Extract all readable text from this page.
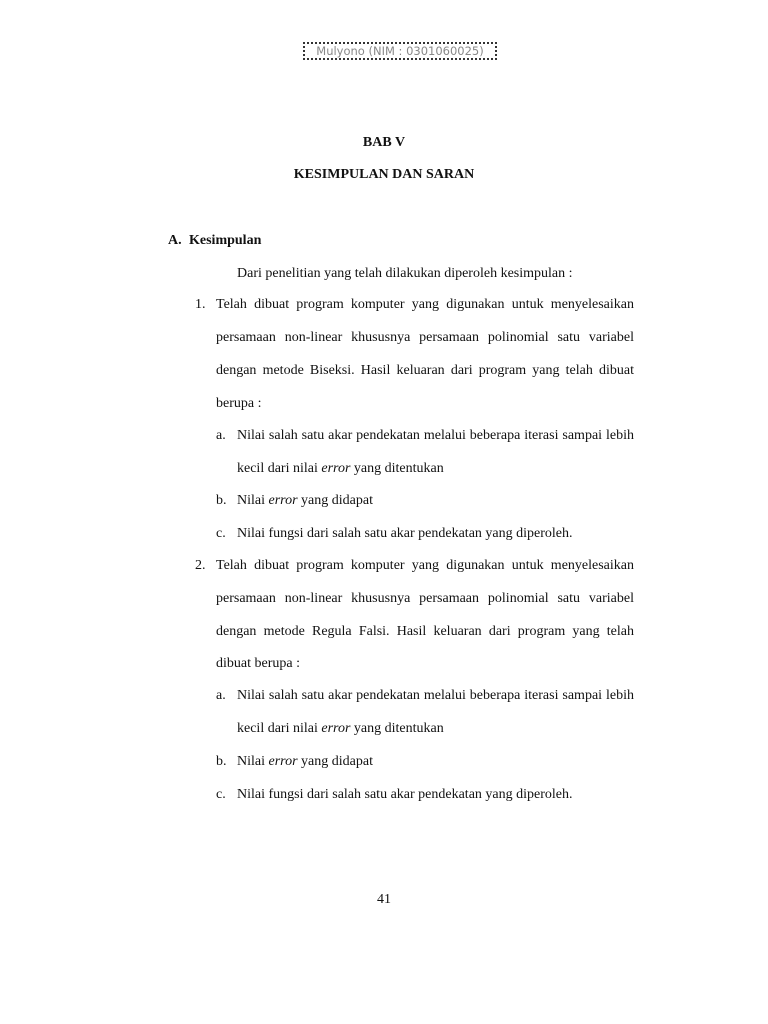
Mulyono (NIM : 0301060025)
BAB V
KESIMPULAN DAN SARAN
A. Kesimpulan
Dari penelitian yang telah dilakukan diperoleh kesimpulan :
1. Telah dibuat program komputer yang digunakan untuk menyelesaikan
persamaan non-linear khususnya persamaan polinomial satu variabel
dengan metode Biseksi. Hasil keluaran dari program yang telah dibuat
berupa :
a. Nilai salah satu akar pendekatan melalui beberapa iterasi sampai lebih
kecil dari nilai error yang ditentukan
b. Nilai error yang didapat
c. Nilai fungsi dari salah satu akar pendekatan yang diperoleh.
2. Telah dibuat program komputer yang digunakan untuk menyelesaikan
persamaan non-linear khususnya persamaan polinomial satu variabel
dengan metode Regula Falsi. Hasil keluaran dari program yang telah
dibuat berupa :
a. Nilai salah satu akar pendekatan melalui beberapa iterasi sampai lebih
kecil dari nilai error yang ditentukan
b. Nilai error yang didapat
c. Nilai fungsi dari salah satu akar pendekatan yang diperoleh.
41
